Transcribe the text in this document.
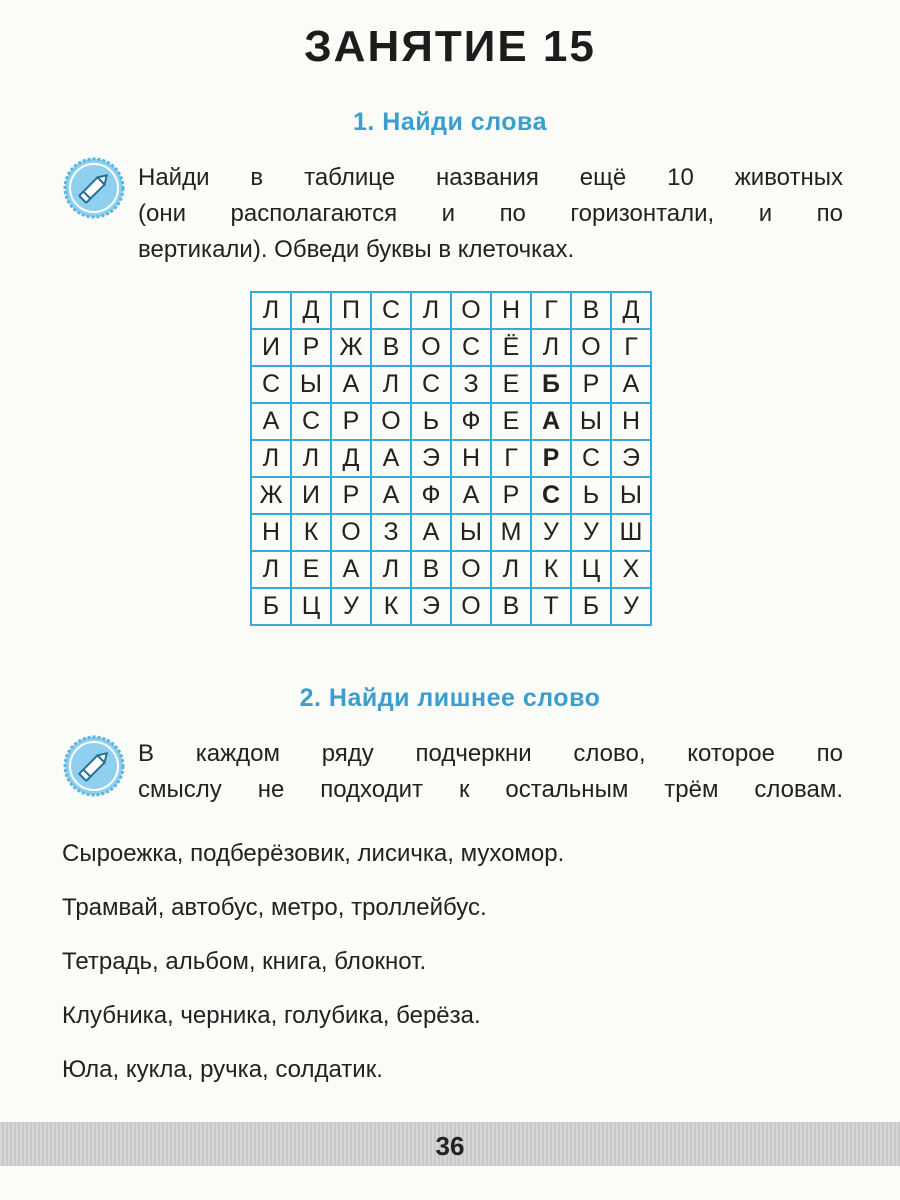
ЗАНЯТИЕ 15
1. Найди слова
Найди в таблице названия ещё 10 животных
(они располагаются и по горизонтали, и по
вертикали). Обведи буквы в клеточках.
Л Д П С Л О Н Г В Д
И Р Ж В О С Ё Л О Г
С Ы А Л С З Е Б Р А
А С Р О Ь Ф Е А Ы Н
Л Л Д А Э Н Г Р С Э
Ж И Р А Ф А Р С Ь Ы
Н К О З А Ы М У У Ш
Л Е А Л В О Л К Ц Х
Б Ц У К Э О В Т Б У
2. Найди лишнее слово
В каждом ряду подчеркни слово, которое по
смыслу не подходит к остальным трём словам.
Сыроежка, подберёзовик, лисичка, мухомор.
Трамвай, автобус, метро, троллейбус.
Тетрадь, альбом, книга, блокнот.
Клубника, черника, голубика, берёза.
Юла, кукла, ручка, солдатик.
36
